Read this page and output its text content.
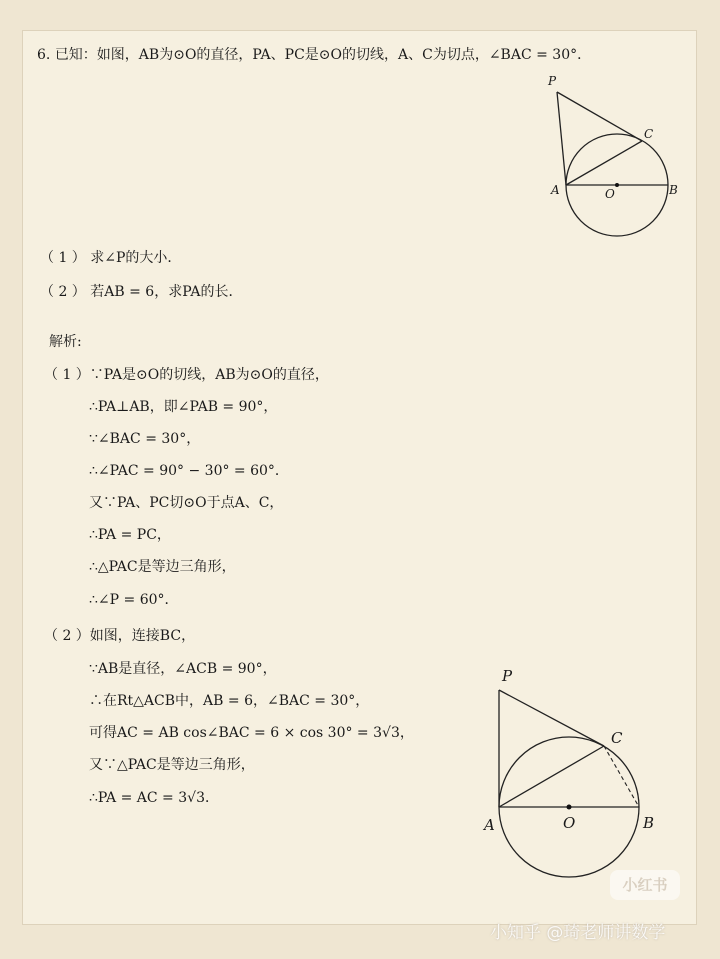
6. 已知：如图，AB为⊙O的直径，PA、PC是⊙O的切线，A、C为切点，∠BAC = 30°．
P
C
A	O	B
（ 1 ） 求∠P的大小．
（ 2 ） 若AB = 6，求PA的长．
解析:
（ 1 ）∵PA是⊙O的切线，AB为⊙O的直径，
∴PA⊥AB，即∠PAB = 90°，
∵∠BAC = 30°，
∴∠PAC = 90° − 30° = 60°．
又∵PA、PC切⊙O于点A、C，
∴PA = PC，
∴△PAC是等边三角形，
∴∠P = 60°．
（ 2 ）如图，连接BC，
∵AB是直径，∠ACB = 90°，
∴在Rt△ACB中，AB = 6，∠BAC = 30°，
可得AC = AB cos∠BAC = 6 × cos 30° = 3√3，
又∵△PAC是等边三角形，
∴PA = AC = 3√3．
P
C
A	O	B
小红书
小知乎 @琦老师讲数学
